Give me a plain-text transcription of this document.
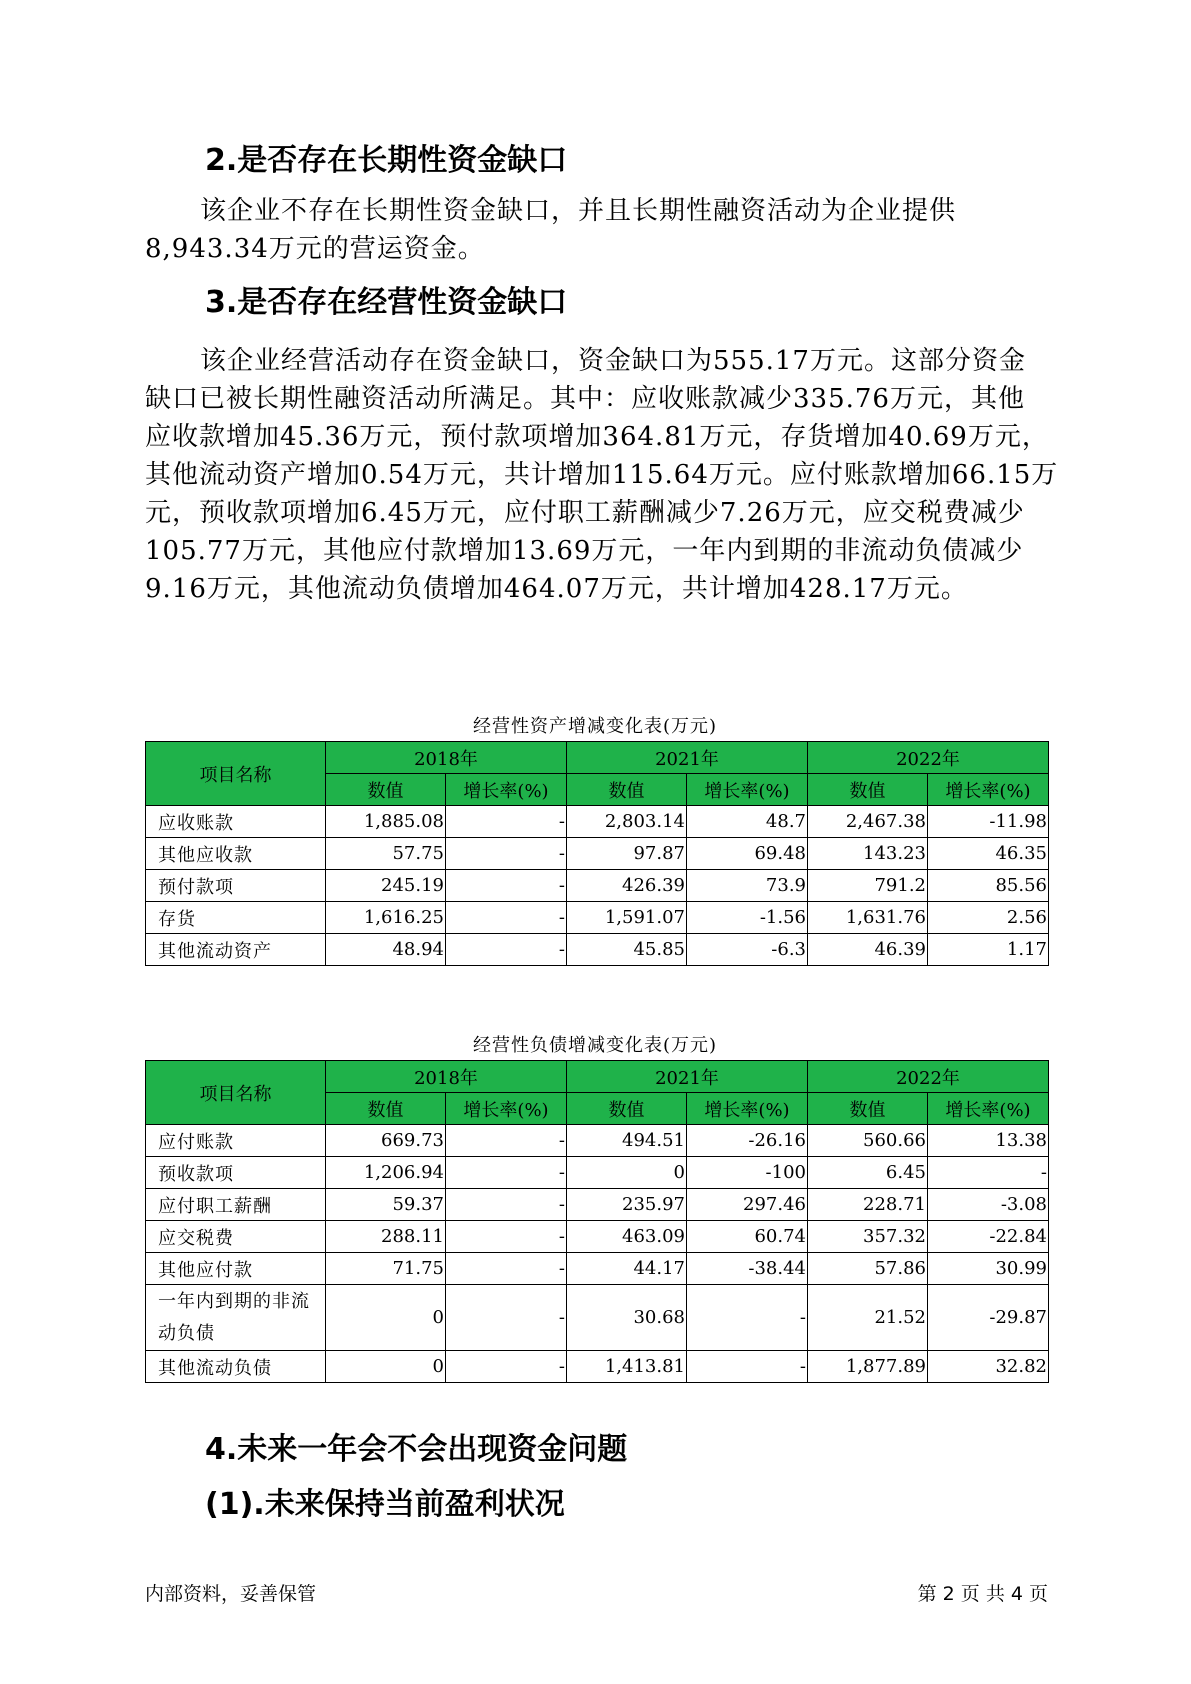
2.是否存在长期性资金缺口
该企业不存在长期性资金缺口，并且长期性融资活动为企业提供
8,943.34万元的营运资金。
3.是否存在经营性资金缺口
该企业经营活动存在资金缺口，资金缺口为555.17万元。这部分资金
缺口已被长期性融资活动所满足。其中：应收账款减少335.76万元，其他
应收款增加45.36万元，预付款项增加364.81万元，存货增加40.69万元，
其他流动资产增加0.54万元，共计增加115.64万元。应付账款增加66.15万
元，预收款项增加6.45万元，应付职工薪酬减少7.26万元，应交税费减少
105.77万元，其他应付款增加13.69万元，一年内到期的非流动负债减少
9.16万元，其他流动负债增加464.07万元，共计增加428.17万元。

经营性资产增减变化表(万元)

项目名称	2018年		2021年		2022年	
	数值	增长率(%)	数值	增长率(%)	数值	增长率(%)
应收账款	1,885.08	-	2,803.14	48.7	2,467.38	-11.98
其他应收款	57.75	-	97.87	69.48	143.23	46.35
预付款项	245.19	-	426.39	73.9	791.2	85.56
存货	1,616.25	-	1,591.07	-1.56	1,631.76	2.56
其他流动资产	48.94	-	45.85	-6.3	46.39	1.17

经营性负债增减变化表(万元)

项目名称	2018年		2021年		2022年	
	数值	增长率(%)	数值	增长率(%)	数值	增长率(%)
应付账款	669.73	-	494.51	-26.16	560.66	13.38
预收款项	1,206.94	-	0	-100	6.45	-
应付职工薪酬	59.37	-	235.97	297.46	228.71	-3.08
应交税费	288.11	-	463.09	60.74	357.32	-22.84
其他应付款	71.75	-	44.17	-38.44	57.86	30.99
一年内到期的非流动负债	0	-	30.68	-	21.52	-29.87
其他流动负债	0	-	1,413.81	-	1,877.89	32.82
4.未来一年会不会出现资金问题
(1).未来保持当前盈利状况

内部资料，妥善保管	第 2 页 共 4 页
